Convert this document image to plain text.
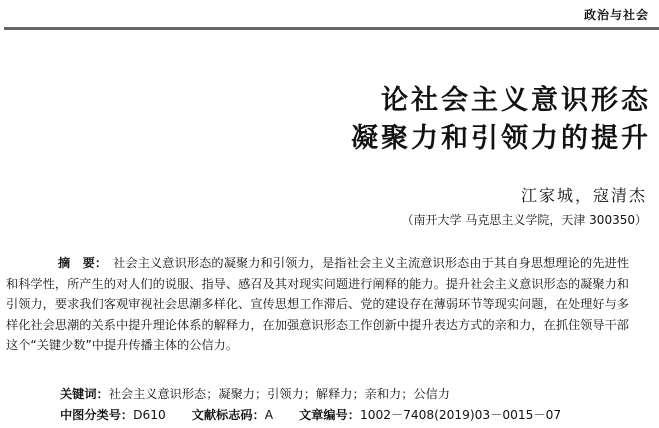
政治与社会
论社会主义意识形态
凝聚力和引领力的提升
江家城，寇清杰
（南开大学 马克思主义学院，天津 300350）
摘　要： 社会主义意识形态的凝聚力和引领力，是指社会主义主流意识形态由于其自身思想理论的先进性和科学性，所产生的对人们的说服、指导、感召及其对现实问题进行阐释的能力。提升社会主义意识形态的凝聚力和引领力，要求我们客观审视社会思潮多样化、宣传思想工作滞后、党的建设存在薄弱环节等现实问题，在处理好与多样化社会思潮的关系中提升理论体系的解释力，在加强意识形态工作创新中提升表达方式的亲和力，在抓住领导干部这个“关键少数”中提升传播主体的公信力。
关键词：社会主义意识形态；凝聚力；引领力；解释力；亲和力；公信力
中图分类号：D610 文献标志码：A 文章编号：1002－7408(2019)03－0015－07
